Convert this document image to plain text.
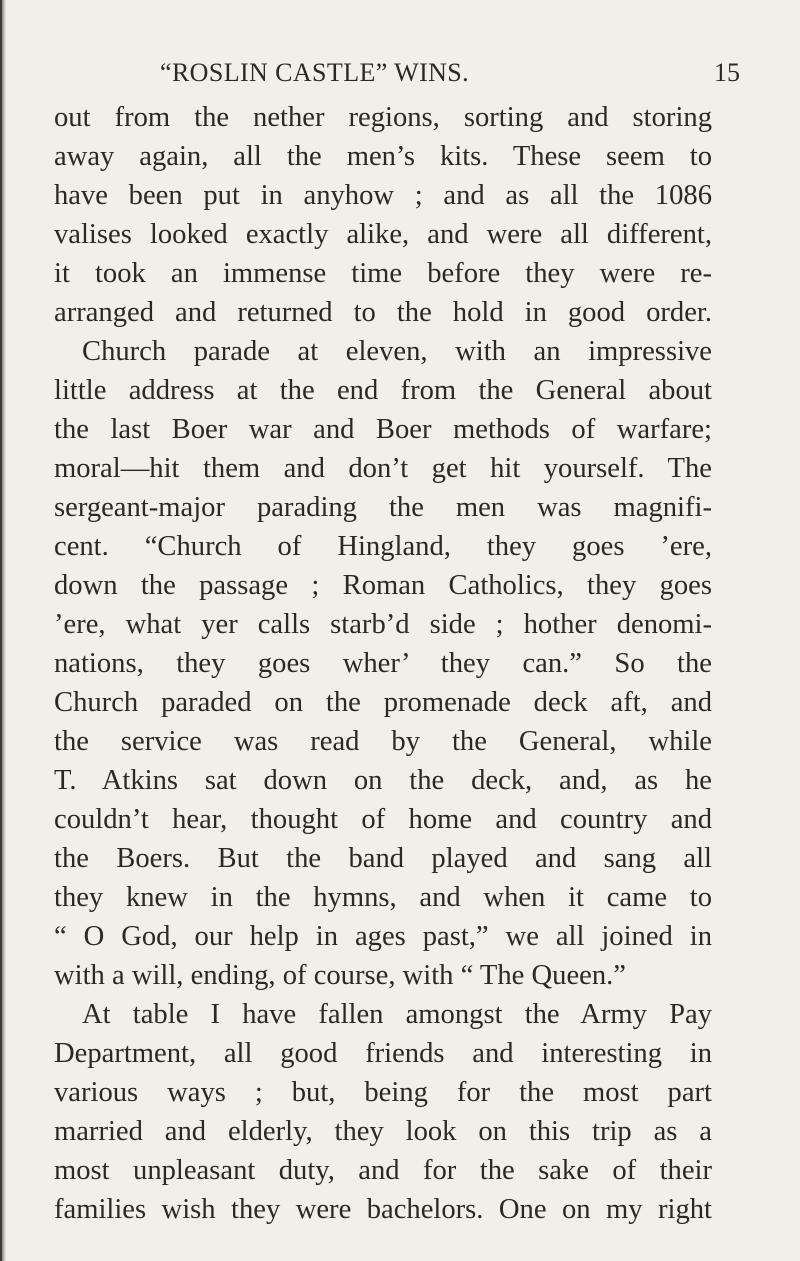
“ROSLIN CASTLE” WINS.	15
out from the nether regions, sorting and storing
away again, all the men’s kits. These seem to
have been put in anyhow ; and as all the 1086
valises looked exactly alike, and were all different,
it took an immense time before they were re-
arranged and returned to the hold in good order.
Church parade at eleven, with an impressive
little address at the end from the General about
the last Boer war and Boer methods of warfare;
moral—hit them and don’t get hit yourself. The
sergeant-major parading the men was magnifi-
cent. “Church of Hingland, they goes ’ere,
down the passage ; Roman Catholics, they goes
’ere, what yer calls starb’d side ; hother denomi-
nations, they goes wher’ they can.” So the
Church paraded on the promenade deck aft, and
the service was read by the General, while
T. Atkins sat down on the deck, and, as he
couldn’t hear, thought of home and country and
the Boers. But the band played and sang all
they knew in the hymns, and when it came to
“ O God, our help in ages past,” we all joined in
with a will, ending, of course, with “ The Queen.”
At table I have fallen amongst the Army Pay
Department, all good friends and interesting in
various ways ; but, being for the most part
married and elderly, they look on this trip as a
most unpleasant duty, and for the sake of their
families wish they were bachelors. One on my right
